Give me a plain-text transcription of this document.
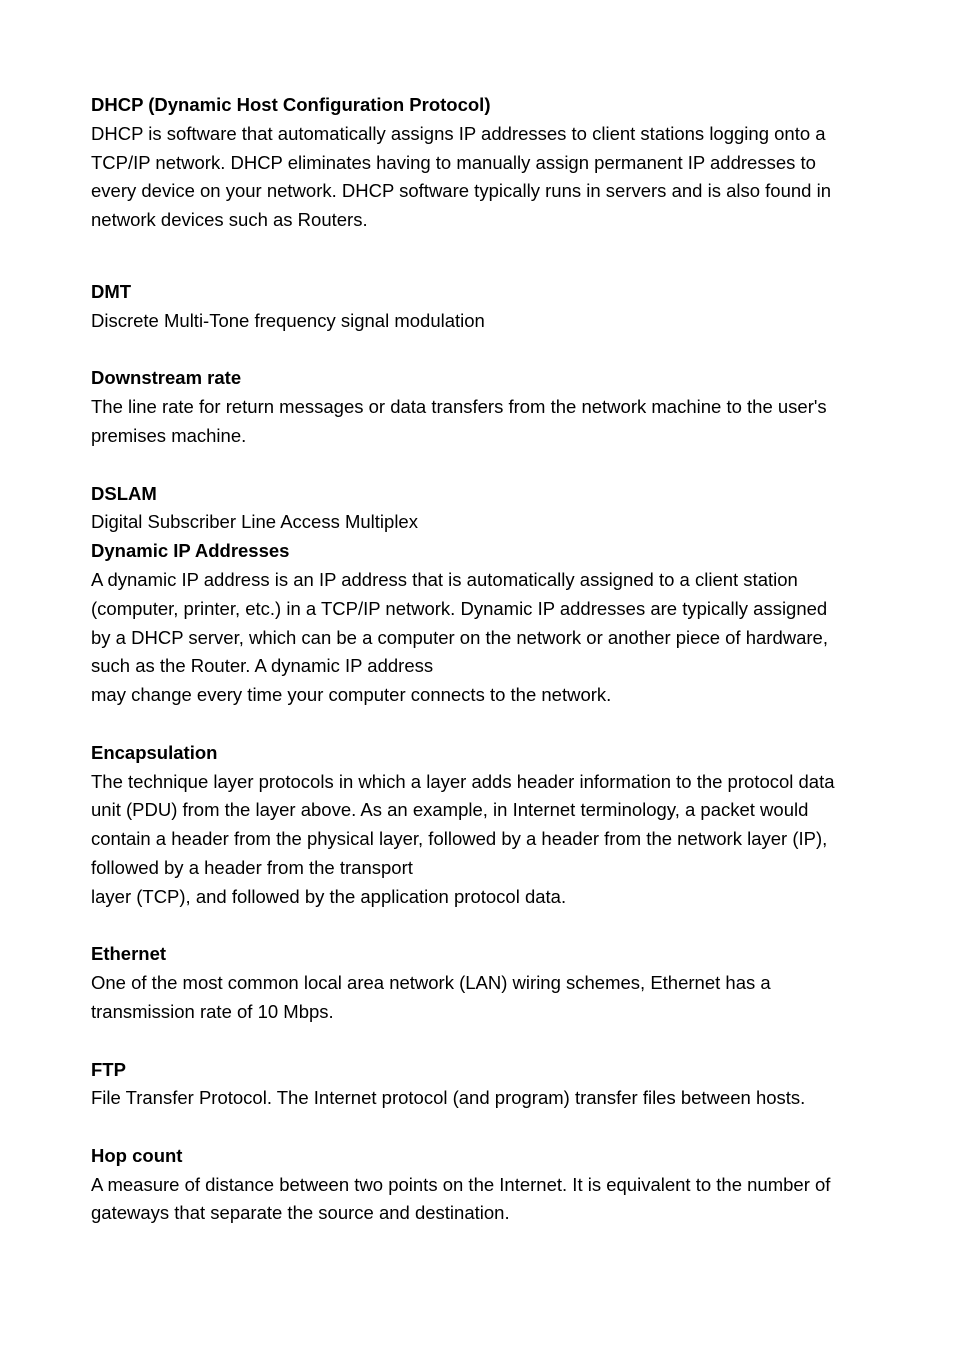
DHCP (Dynamic Host Configuration Protocol)

DHCP is software that automatically assigns IP addresses to client stations logging onto a

TCP/IP network. DHCP eliminates having to manually assign permanent IP addresses to

every device on your network. DHCP software typically runs in servers and is also found in

network devices such as Routers.

DMT

Discrete Multi-Tone frequency signal modulation

Downstream rate

The line rate for return messages or data transfers from the network machine to the user's

premises machine.

DSLAM

Digital Subscriber Line Access Multiplex

Dynamic IP Addresses

A dynamic IP address is an IP address that is automatically assigned to a client station

(computer, printer, etc.) in a TCP/IP network. Dynamic IP addresses are typically assigned

by a DHCP server, which can be a computer on the network or another piece of hardware,

such as the Router. A dynamic IP address

may change every time your computer connects to the network.

Encapsulation

The technique layer protocols in which a layer adds header information to the protocol data

unit (PDU) from the layer above. As an example, in Internet terminology, a packet would

contain a header from the physical layer, followed by a header from the network layer (IP),

followed by a header from the transport

layer (TCP), and followed by the application protocol data.

Ethernet

One of the most common local area network (LAN) wiring schemes, Ethernet has a

transmission rate of 10 Mbps.

FTP

File Transfer Protocol. The Internet protocol (and program) transfer files between hosts.

Hop count

A measure of distance between two points on the Internet. It is equivalent to the number of

gateways that separate the source and destination.
